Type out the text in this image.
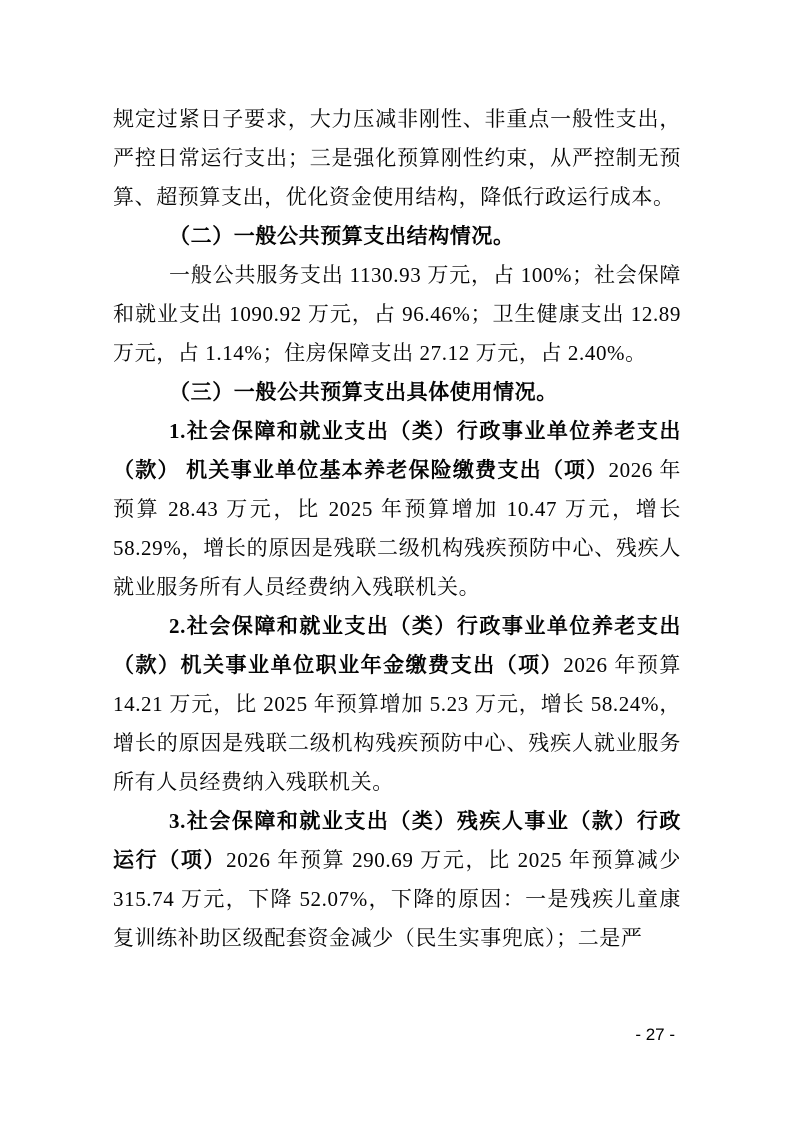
规定过紧日子要求，大力压减非刚性、非重点一般性支出，严控日常运行支出；三是强化预算刚性约束，从严控制无预算、超预算支出，优化资金使用结构，降低行政运行成本。

（二）一般公共预算支出结构情况。

一般公共服务支出 1130.93 万元，占 100%；社会保障和就业支出 1090.92 万元，占 96.46%；卫生健康支出 12.89 万元，占 1.14%；住房保障支出 27.12 万元，占 2.40%。

（三）一般公共预算支出具体使用情况。

1.社会保障和就业支出（类）行政事业单位养老支出（款） 机关事业单位基本养老保险缴费支出（项）2026 年预算 28.43 万元，比 2025 年预算增加 10.47 万元，增长 58.29%，增长的原因是残联二级机构残疾预防中心、残疾人就业服务所有人员经费纳入残联机关。

2.社会保障和就业支出（类）行政事业单位养老支出（款）机关事业单位职业年金缴费支出（项）2026 年预算 14.21 万元，比 2025 年预算增加 5.23 万元，增长 58.24%，增长的原因是残联二级机构残疾预防中心、残疾人就业服务所有人员经费纳入残联机关。

3.社会保障和就业支出（类）残疾人事业（款）行政运行（项）2026 年预算 290.69 万元，比 2025 年预算减少 315.74 万元，下降 52.07%，下降的原因：一是残疾儿童康复训练补助区级配套资金减少（民生实事兜底）；二是严

- 27 -
